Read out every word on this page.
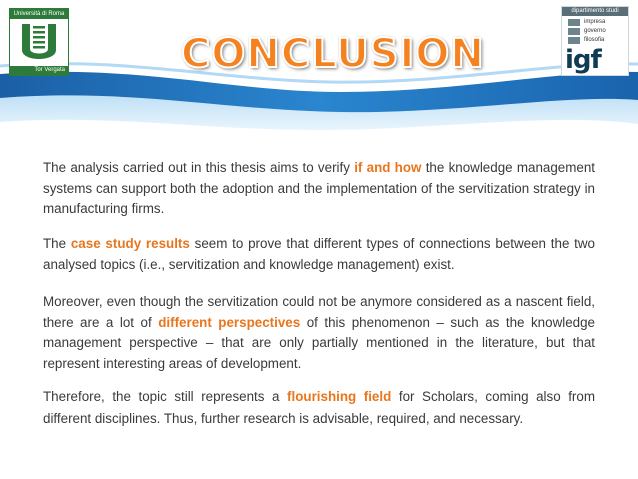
Università di Roma
Tor Vergata
dipartimento studi
impresa
governo
filosofia
igf
CONCLUSION

The analysis carried out in this thesis aims to verify if and how the knowledge management systems can support both the adoption and the implementation of the servitization strategy in manufacturing firms.

The case study results seem to prove that different types of connections between the two analysed topics (i.e., servitization and knowledge management) exist.

Moreover, even though the servitization could not be anymore considered as a nascent field, there are a lot of different perspectives of this phenomenon – such as the knowledge management perspective – that are only partially mentioned in the literature, but that represent interesting areas of development.

Therefore, the topic still represents a flourishing field for Scholars, coming also from different disciplines. Thus, further research is advisable, required, and necessary.
